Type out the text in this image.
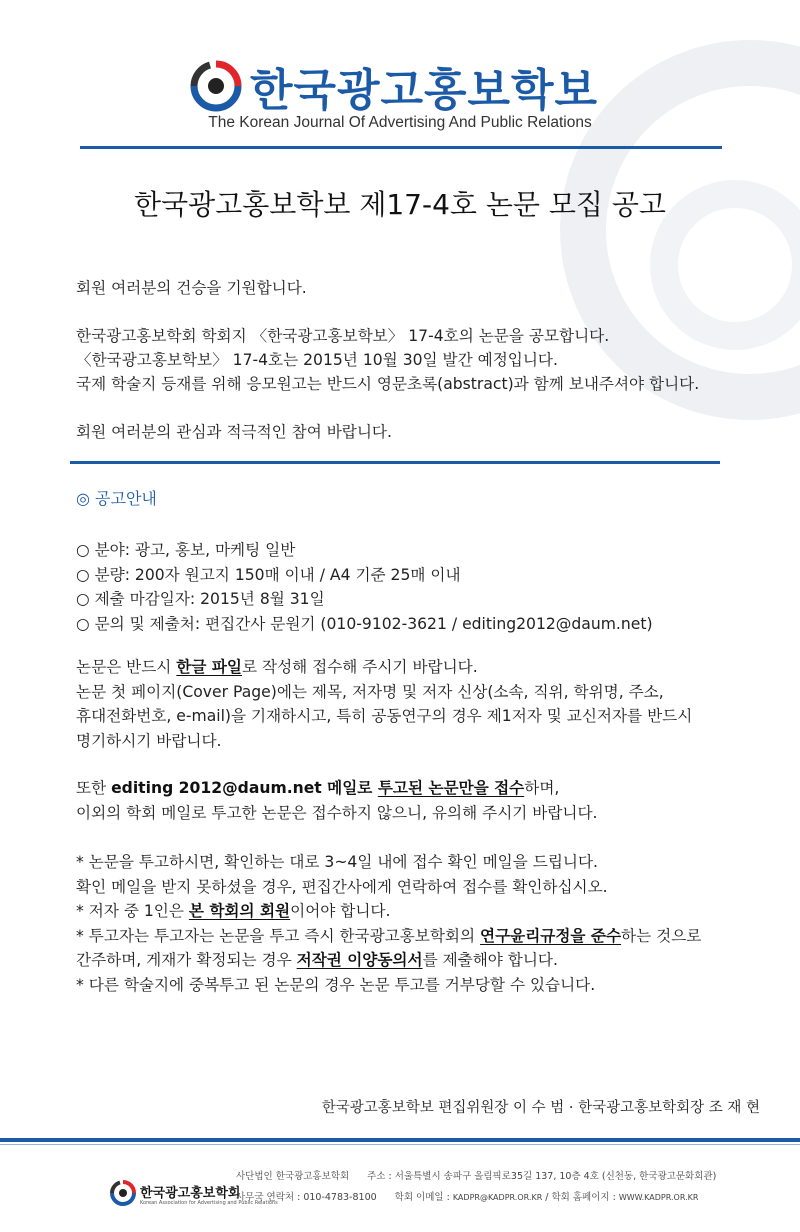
한국광고홍보학보
The Korean Journal Of Advertising And Public Relations
한국광고홍보학보 제17-4호 논문 모집 공고

회원 여러분의 건승을 기원합니다.

한국광고홍보학회 학회지 〈한국광고홍보학보〉 17-4호의 논문을 공모합니다.

〈한국광고홍보학보〉 17-4호는 2015년 10월 30일 발간 예정입니다.

국제 학술지 등재를 위해 응모원고는 반드시 영문초록(abstract)과 함께 보내주셔야 합니다.

회원 여러분의 관심과 적극적인 참여 바랍니다.

◎ 공고안내

○ 분야: 광고, 홍보, 마케팅 일반

○ 분량: 200자 원고지 150매 이내 / A4 기준 25매 이내

○ 제출 마감일자: 2015년 8월 31일

○ 문의 및 제출처: 편집간사 문원기 (010-9102-3621 / editing2012@daum.net)

논문은 반드시 한글 파일로 작성해 접수해 주시기 바랍니다.

논문 첫 페이지(Cover Page)에는 제목, 저자명 및 저자 신상(소속, 직위, 학위명, 주소,

휴대전화번호, e-mail)을 기재하시고, 특히 공동연구의 경우 제1저자 및 교신저자를 반드시

명기하시기 바랍니다.

또한 editing 2012@daum.net 메일로 투고된 논문만을 접수하며,

이외의 학회 메일로 투고한 논문은 접수하지 않으니, 유의해 주시기 바랍니다.

* 논문을 투고하시면, 확인하는 대로 3~4일 내에 접수 확인 메일을 드립니다.

확인 메일을 받지 못하셨을 경우, 편집간사에게 연락하여 접수를 확인하십시오.

* 저자 중 1인은 본 학회의 회원이어야 합니다.

* 투고자는 투고자는 논문을 투고 즉시 한국광고홍보학회의 연구윤리규정을 준수하는 것으로

간주하며, 게재가 확정되는 경우 저작권 이양동의서를 제출해야 합니다.

* 다른 학술지에 중복투고 된 논문의 경우 논문 투고를 거부당할 수 있습니다.

한국광고홍보학보 편집위원장 이 수 범 · 한국광고홍보학회장 조 재 현
한국광고홍보학회
Korean Association for Advertising and Public Relations

사단법인 한국광고홍보학회 주소 : 서울특별시 송파구 올림픽로35길 137, 10층 4호 (신천동, 한국광고문화회관)

사무국 연락처 : 010-4783-8100 학회 이메일 : KADPR@KADPR.OR.KR / 학회 홈페이지 : WWW.KADPR.OR.KR
